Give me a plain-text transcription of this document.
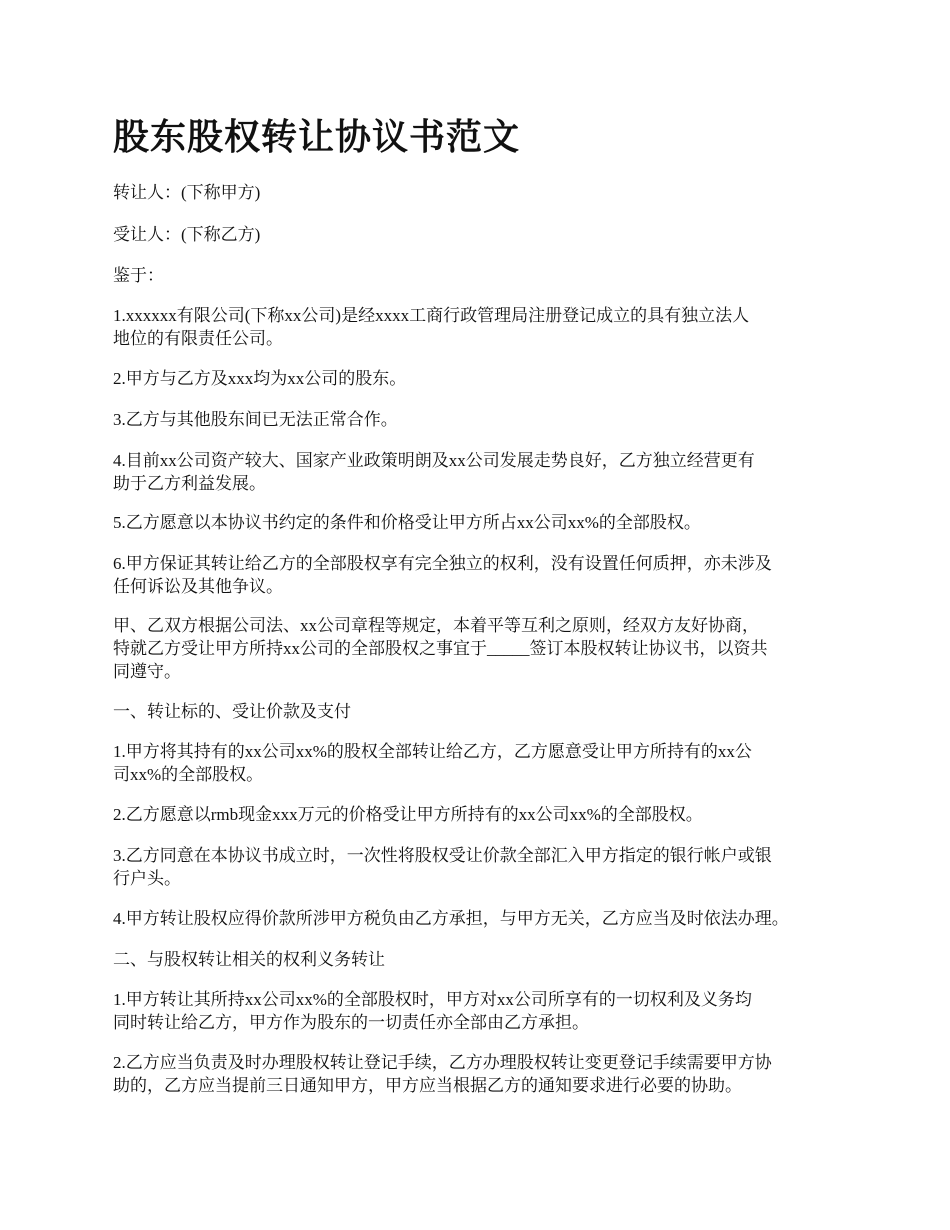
股东股权转让协议书范文

转让人：(下称甲方)

受让人：(下称乙方)

鉴于：

1.xxxxxx有限公司(下称xx公司)是经xxxx工商行政管理局注册登记成立的具有独立法人
地位的有限责任公司。

2.甲方与乙方及xxx均为xx公司的股东。

3.乙方与其他股东间已无法正常合作。

4.目前xx公司资产较大、国家产业政策明朗及xx公司发展走势良好，乙方独立经营更有
助于乙方利益发展。

5.乙方愿意以本协议书约定的条件和价格受让甲方所占xx公司xx%的全部股权。

6.甲方保证其转让给乙方的全部股权享有完全独立的权利，没有设置任何质押，亦未涉及
任何诉讼及其他争议。

甲、乙双方根据公司法、xx公司章程等规定，本着平等互利之原则，经双方友好协商，
特就乙方受让甲方所持xx公司的全部股权之事宜于_____签订本股权转让协议书，以资共
同遵守。

一、转让标的、受让价款及支付

1.甲方将其持有的xx公司xx%的股权全部转让给乙方，乙方愿意受让甲方所持有的xx公
司xx%的全部股权。

2.乙方愿意以rmb现金xxx万元的价格受让甲方所持有的xx公司xx%的全部股权。

3.乙方同意在本协议书成立时，一次性将股权受让价款全部汇入甲方指定的银行帐户或银
行户头。

4.甲方转让股权应得价款所涉甲方税负由乙方承担，与甲方无关，乙方应当及时依法办理。

二、与股权转让相关的权利义务转让

1.甲方转让其所持xx公司xx%的全部股权时，甲方对xx公司所享有的一切权利及义务均
同时转让给乙方，甲方作为股东的一切责任亦全部由乙方承担。

2.乙方应当负责及时办理股权转让登记手续，乙方办理股权转让变更登记手续需要甲方协
助的，乙方应当提前三日通知甲方，甲方应当根据乙方的通知要求进行必要的协助。
